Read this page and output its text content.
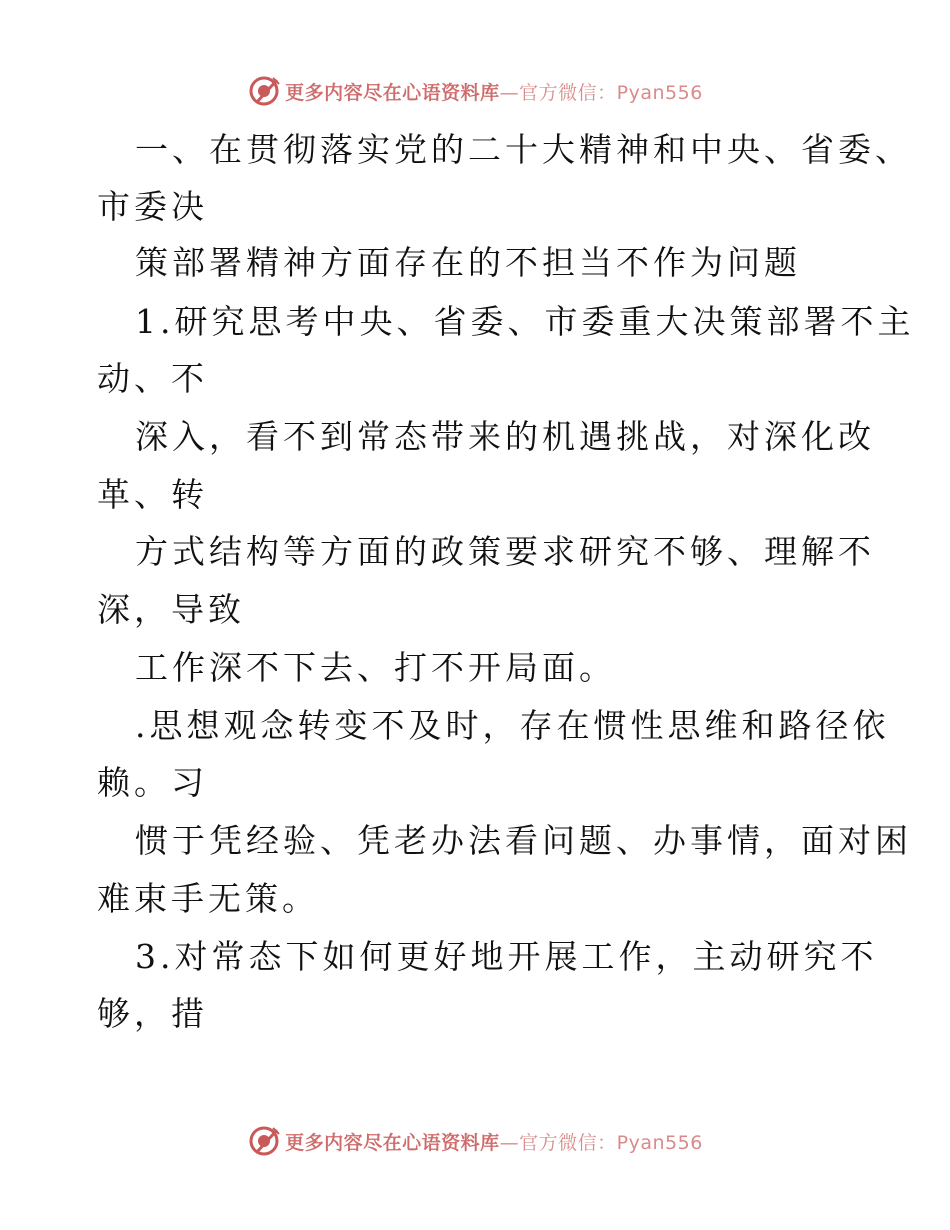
更多内容尽在心语资料库 —官方微信：Pyan556
一、在贯彻落实党的二十大精神和中央、省委、
市委决
策部署精神方面存在的不担当不作为问题
1.研究思考中央、省委、市委重大决策部署不主
动、不
深入，看不到常态带来的机遇挑战，对深化改
革、转
方式结构等方面的政策要求研究不够、理解不
深，导致
工作深不下去、打不开局面。
.思想观念转变不及时，存在惯性思维和路径依
赖。习
惯于凭经验、凭老办法看问题、办事情，面对困
难束手无策。
3.对常态下如何更好地开展工作，主动研究不
够，措
更多内容尽在心语资料库 —官方微信：Pyan556
